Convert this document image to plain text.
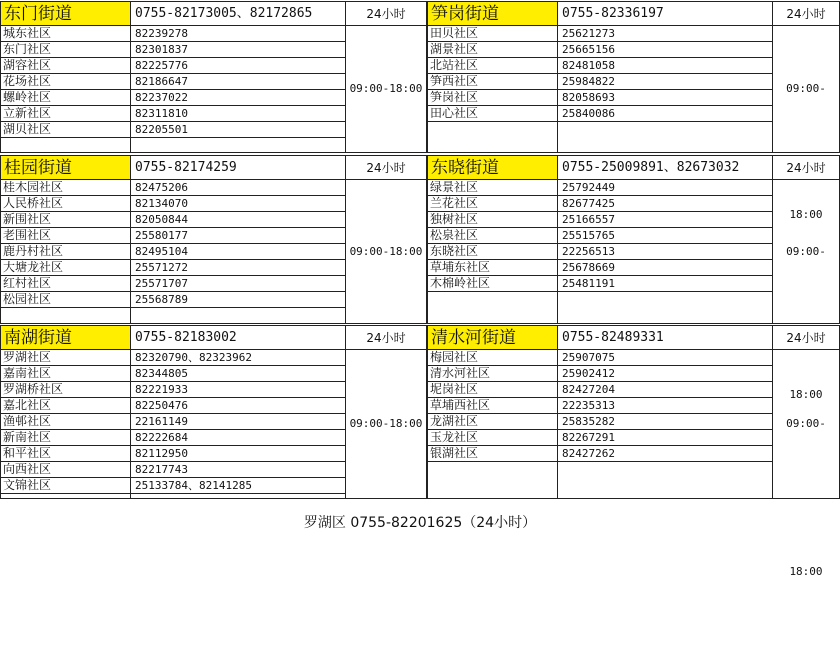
东门街道	0755-82173005、82172865	24小时
城东社区	82239278
东门社区	82301837
湖容社区	82225776
花场社区	82186647
螺岭社区	82237022
立新社区	82311810
湖贝社区	82205501
09:00-18:00
笋岗街道	0755-82336197	24小时
田贝社区	25621273
湖景社区	25665156
北站社区	82481058
笋西社区	25984822
笋岗社区	82058693
田心社区	25840086
09:00-18:00
桂园街道	0755-82174259	24小时
桂木园社区	82475206
人民桥社区	82134070
新围社区	82050844
老围社区	25580177
鹿丹村社区	82495104
大塘龙社区	25571272
红村社区	25571707
松园社区	25568789
09:00-18:00
东晓街道	0755-25009891、82673032	24小时
绿景社区	25792449
兰花社区	82677425
独树社区	25166557
松泉社区	25515765
东晓社区	22256513
草埔东社区	25678669
木棉岭社区	25481191
09:00-18:00
南湖街道	0755-82183002	24小时
罗湖社区	82320790、82323962
嘉南社区	82344805
罗湖桥社区	82221933
嘉北社区	82250476
渔邨社区	22161149
新南社区	82222684
和平社区	82112950
向西社区	82217743
文锦社区	25133784、82141285
09:00-18:00
清水河街道	0755-82489331	24小时
梅园社区	25907075
清水河社区	25902412
坭岗社区	82427204
草埔西社区	22235313
龙湖社区	25835282
玉龙社区	82267291
银湖社区	82427262
09:00-18:00
罗湖区 0755-82201625（24小时）
